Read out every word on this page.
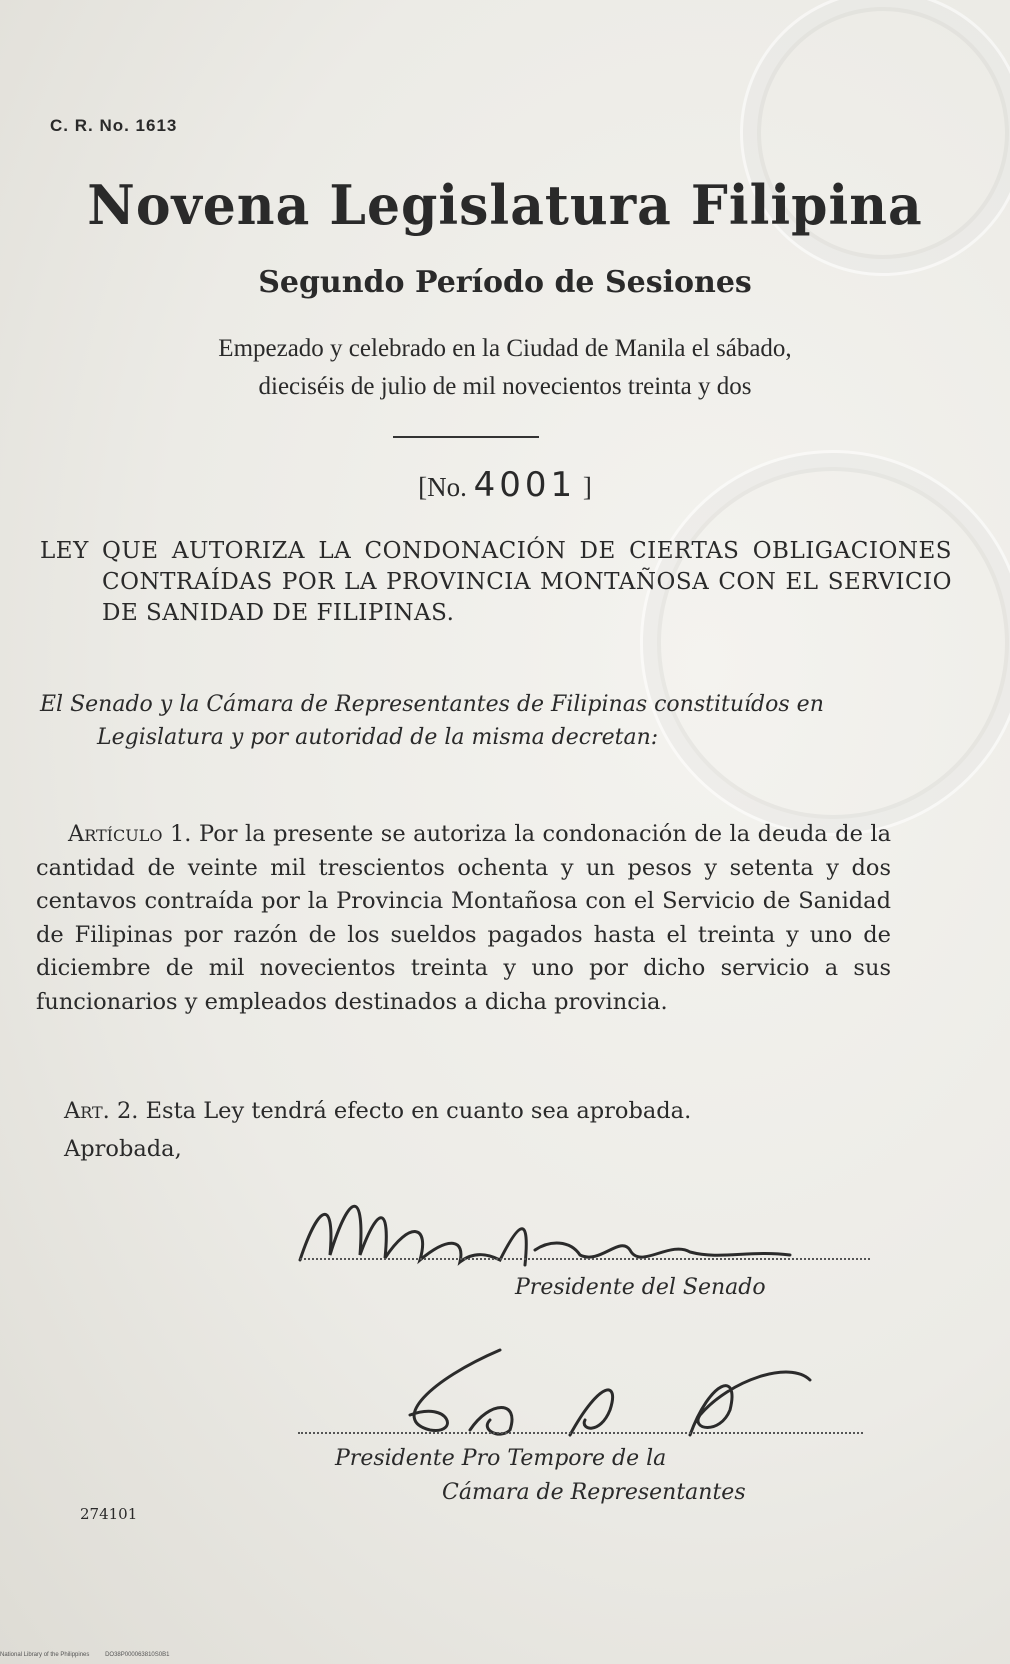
C. R. No. 1613
Novena Legislatura Filipina
Segundo Período de Sesiones
Empezado y celebrado en la Ciudad de Manila el sábado,
dieciséis de julio de mil novecientos treinta y dos
[No. 4001 ]
LEY QUE AUTORIZA LA CONDONACIÓN DE CIERTAS OBLIGACIONES CONTRAÍDAS POR LA PROVINCIA MONTAÑOSA CON EL SERVICIO DE SANIDAD DE FILIPINAS.
El Senado y la Cámara de Representantes de Filipinas constituídos en Legislatura y por autoridad de la misma decretan:
Artículo 1. Por la presente se autoriza la condonación de la deuda de la cantidad de veinte mil trescientos ochenta y un pesos y setenta y dos centavos contraída por la Provincia Montañosa con el Servicio de Sanidad de Filipinas por razón de los sueldos pagados hasta el treinta y uno de diciembre de mil novecientos treinta y uno por dicho servicio a sus funcionarios y empleados destinados a dicha provincia.
Art. 2. Esta Ley tendrá efecto en cuanto sea aprobada.
Aprobada,
Presidente del Senado
Presidente Pro Tempore de la
Cámara de Representantes
274101
National Library of the Philippines	DO38P000063810S0B1
